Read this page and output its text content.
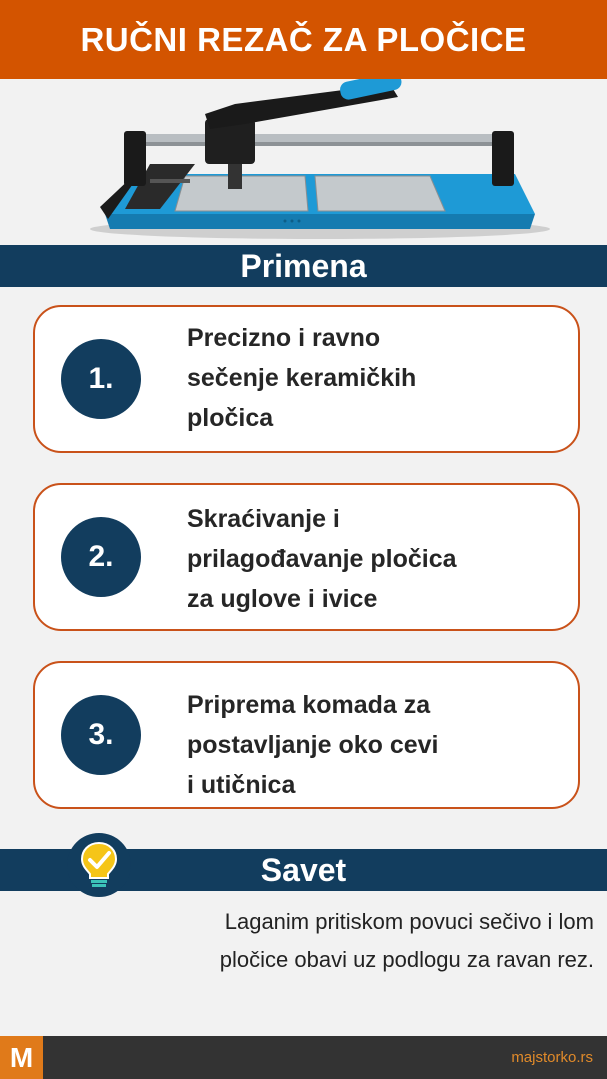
RUČNI REZAČ ZA PLOČICE
Primena
1.
Precizno i ravno
sečenje keramičkih
pločica
2.
Skraćivanje i
prilagođavanje pločica
za uglove i ivice
3.
Priprema komada za
postavljanje oko cevi
i utičnica
Savet
Laganim pritiskom povuci sečivo i lom
pločice obavi uz podlogu za ravan rez.
M	majstorko.rs
